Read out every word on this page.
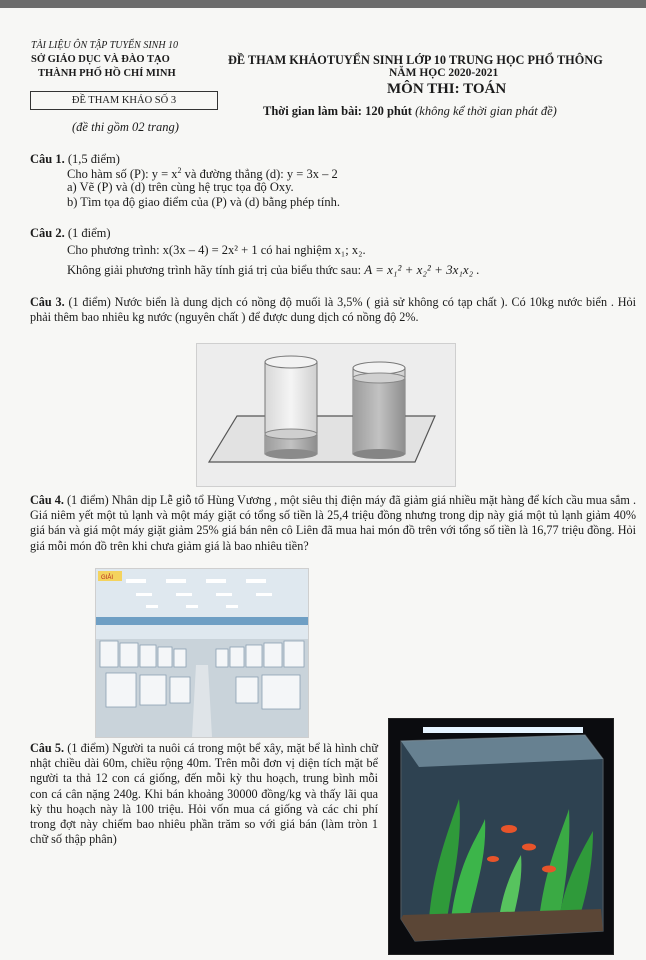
TÀI LIỆU ÔN TẬP TUYỂN SINH 10
SỞ GIÁO DỤC VÀ ĐÀO TẠO
THÀNH PHỐ HỒ CHÍ MINH
ĐỀ THAM KHẢO SỐ 3
(đề thi gồm 02 trang)
ĐỀ THAM KHẢOTUYỂN SINH LỚP 10 TRUNG HỌC PHỔ THÔNG
NĂM HỌC 2020-2021
MÔN THI: TOÁN
Thời gian làm bài: 120 phút (không kể thời gian phát đề)
Câu 1. (1,5 điểm)
Cho hàm số (P): $y = x^2$ và đường thẳng (d): y = 3x – 2
a) Vẽ (P) và (d) trên cùng hệ trục tọa độ Oxy.
b) Tìm tọa độ giao điểm của (P) và (d) bằng phép tính.
Câu 2. (1 điểm)
Cho phương trình: x(3x – 4) = 2x² + 1 có hai nghiệm x₁; x₂.
Không giải phương trình hãy tính giá trị của biểu thức sau: A = x₁² + x₂² + 3x₁x₂ .
Câu 3. (1 điểm) Nước biển là dung dịch có nồng độ muối là 3,5% ( giả sử không có tạp chất ). Có 10kg nước biển . Hỏi phải thêm bao nhiêu kg nước (nguyên chất ) để được dung dịch có nồng độ 2%.
Câu 4. (1 điểm) Nhân dịp Lễ giỗ tổ Hùng Vương , một siêu thị điện máy đã giảm giá nhiều mặt hàng để kích cầu mua sắm . Giá niêm yết một tủ lạnh và một máy giặt có tổng số tiền là 25,4 triệu đồng nhưng trong dịp này giá một tủ lạnh giảm 40% giá bán và giá một máy giặt giảm 25% giá bán nên cô Liên đã mua hai món đồ trên với tổng số tiền là 16,77 triệu đồng. Hỏi giá mỗi món đồ trên khi chưa giảm giá là bao nhiêu tiền?
GIẢI
Câu 5. (1 điểm) Người ta nuôi cá trong một bể xây, mặt bể là hình chữ nhật chiều dài 60m, chiều rộng 40m. Trên mỗi đơn vị diện tích mặt bể người ta thả 12 con cá giống, đến mỗi kỳ thu hoạch, trung bình mỗi con cá cân nặng 240g. Khi bán khoảng 30000 đồng/kg và thấy lãi qua kỳ thu hoạch này là 100 triệu. Hỏi vốn mua cá giống và các chi phí trong đợt này chiếm bao nhiêu phần trăm so với giá bán (làm tròn 1 chữ số thập phân)
